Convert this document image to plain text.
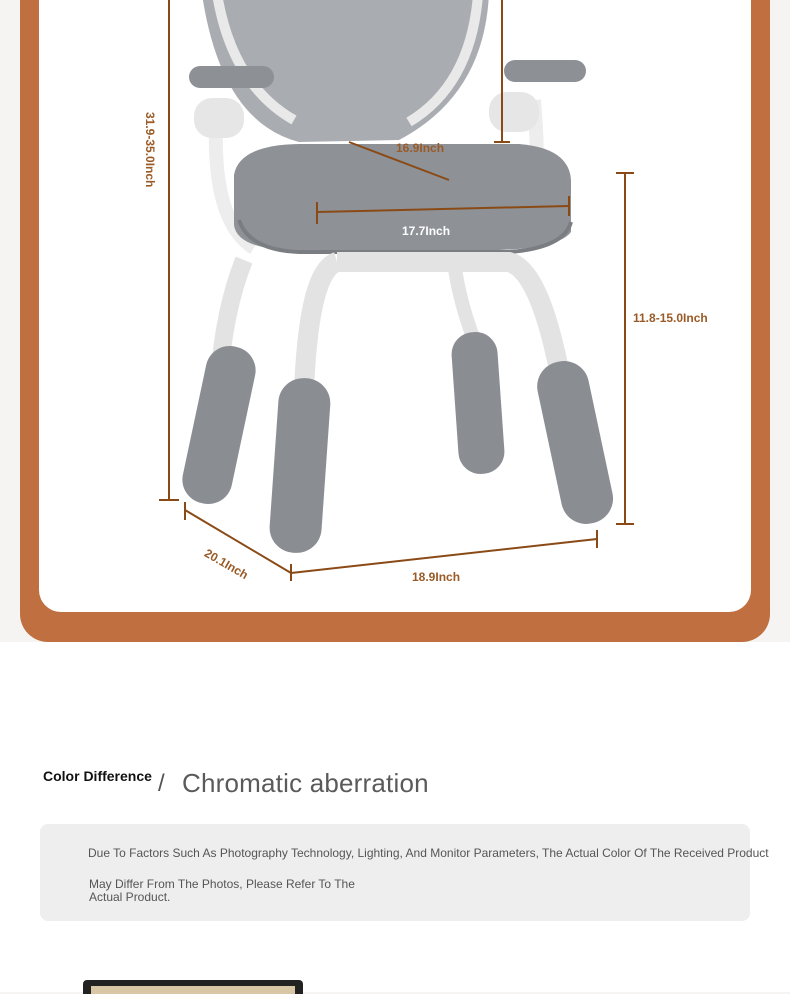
31.9-35.0Inch	16.9Inch
17.7Inch
11.8-15.0Inch
20.1Inch	18.9Inch
Color Difference / Chromatic aberration
Due To Factors Such As Photography Technology, Lighting, And Monitor Parameters, The Actual Color Of The Received Product
May Differ From The Photos, Please Refer To The Actual Product.
